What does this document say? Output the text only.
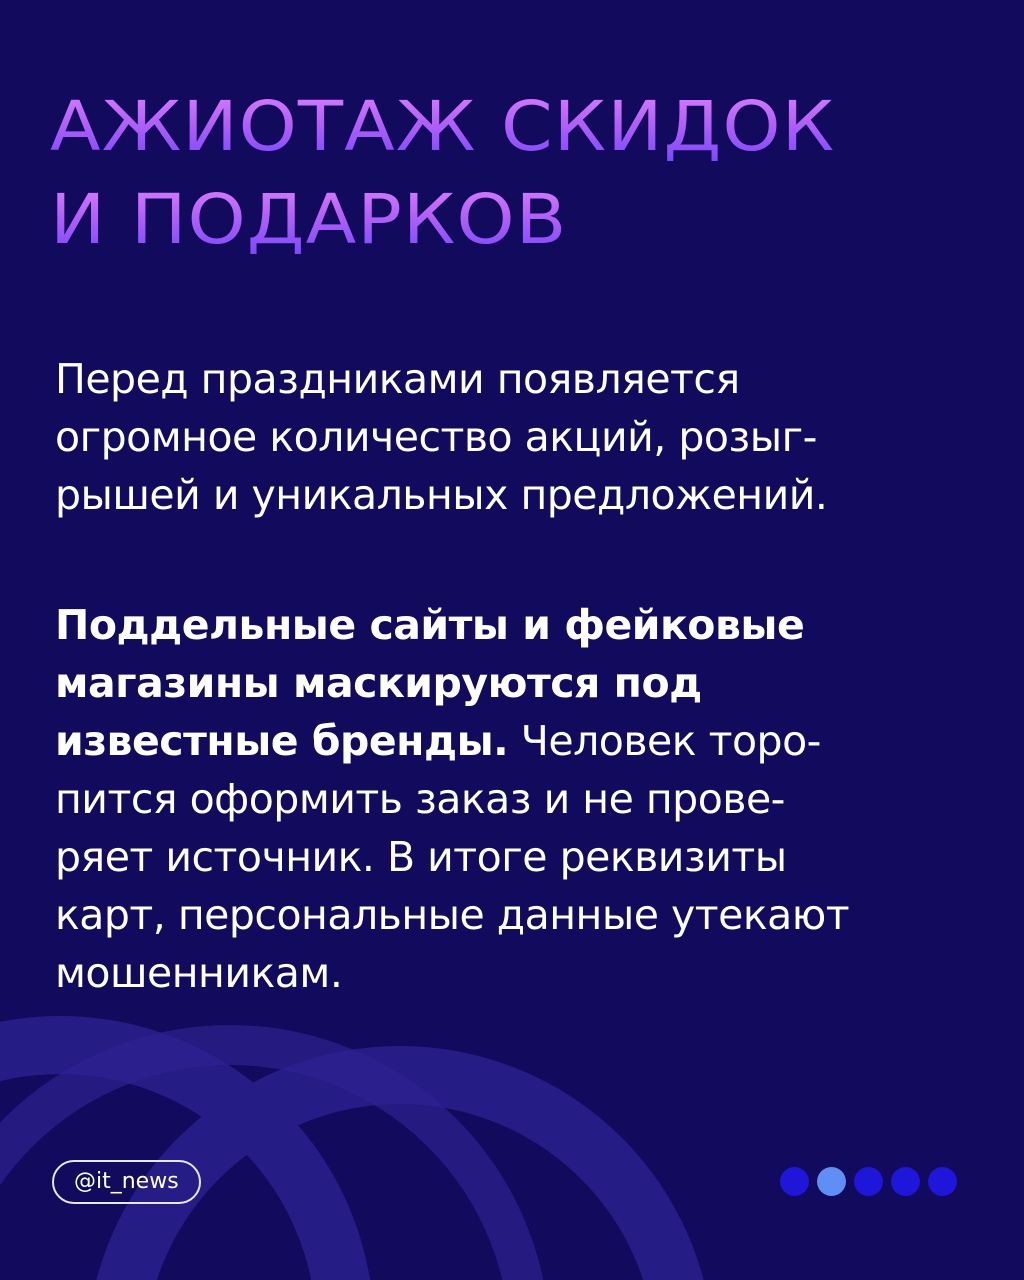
АЖИОТАЖ СКИДОК
И ПОДАРКОВ

Перед праздниками появляется
огромное количество акций, розыг-
рышей и уникальных предложений.

Поддельные сайты и фейковые
магазины маскируются под
известные бренды. Человек торо-
пится оформить заказ и не прове-
ряет источник. В итоге реквизиты
карт, персональные данные утекают
мошенникам.

@it_news
